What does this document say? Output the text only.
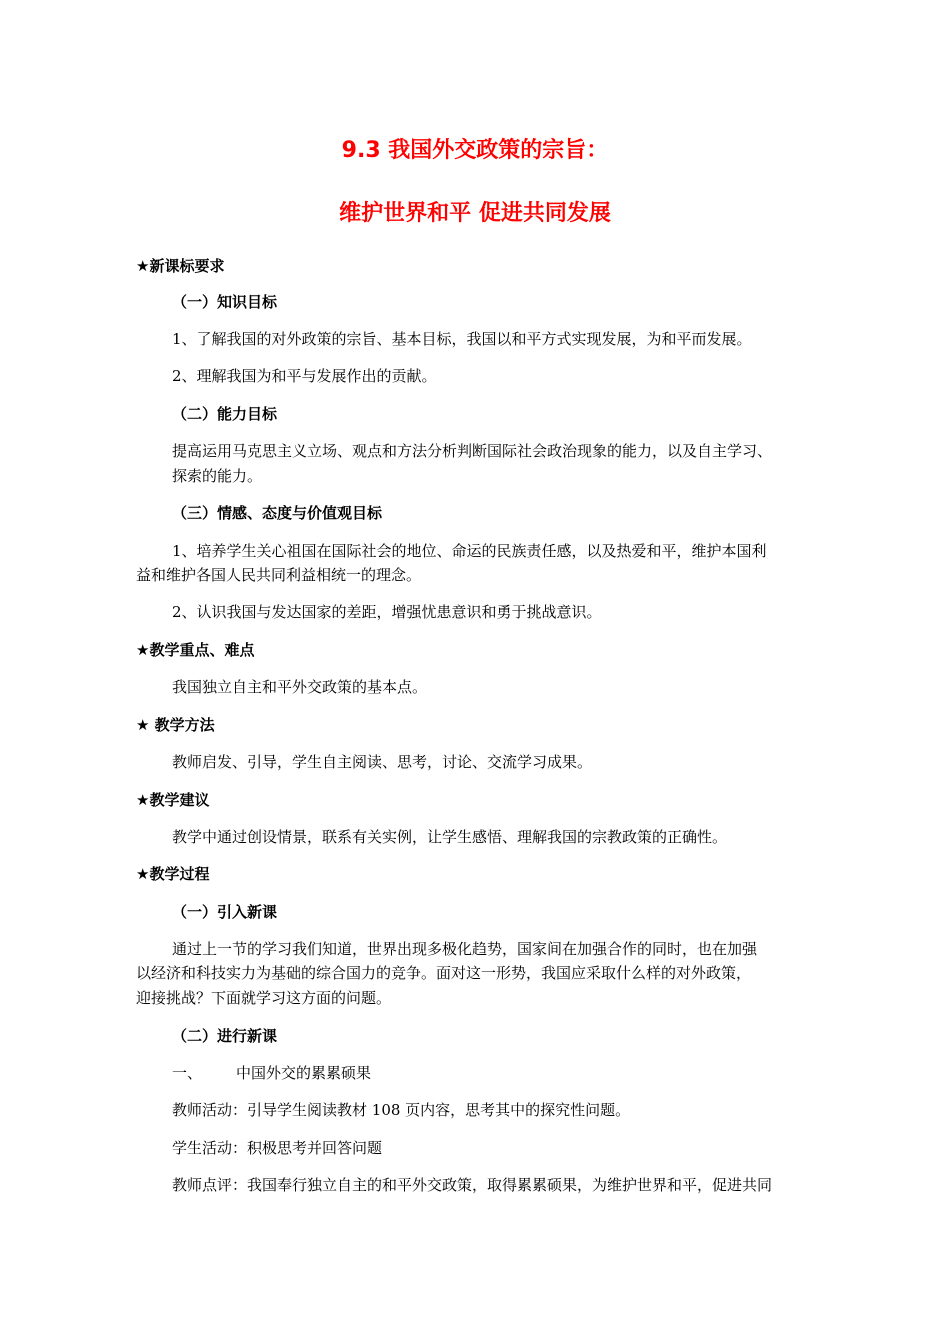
9.3 我国外交政策的宗旨：
维护世界和平 促进共同发展
★新课标要求
（一）知识目标
1、了解我国的对外政策的宗旨、基本目标，我国以和平方式实现发展，为和平而发展。
2、理解我国为和平与发展作出的贡献。
（二）能力目标
提高运用马克思主义立场、观点和方法分析判断国际社会政治现象的能力，以及自主学习、
探索的能力。
（三）情感、态度与价值观目标
1、培养学生关心祖国在国际社会的地位、命运的民族责任感，以及热爱和平，维护本国利
益和维护各国人民共同利益相统一的理念。
2、认识我国与发达国家的差距，增强忧患意识和勇于挑战意识。
★教学重点、难点
我国独立自主和平外交政策的基本点。
★ 教学方法
教师启发、引导，学生自主阅读、思考，讨论、交流学习成果。
★教学建议
教学中通过创设情景，联系有关实例，让学生感悟、理解我国的宗教政策的正确性。
★教学过程
（一）引入新课
通过上一节的学习我们知道，世界出现多极化趋势，国家间在加强合作的同时，也在加强
以经济和科技实力为基础的综合国力的竞争。面对这一形势，我国应采取什么样的对外政策，
迎接挑战？下面就学习这方面的问题。
（二）进行新课
一、 中国外交的累累硕果
教师活动：引导学生阅读教材 108 页内容，思考其中的探究性问题。
学生活动：积极思考并回答问题
教师点评：我国奉行独立自主的和平外交政策，取得累累硕果，为维护世界和平，促进共同
